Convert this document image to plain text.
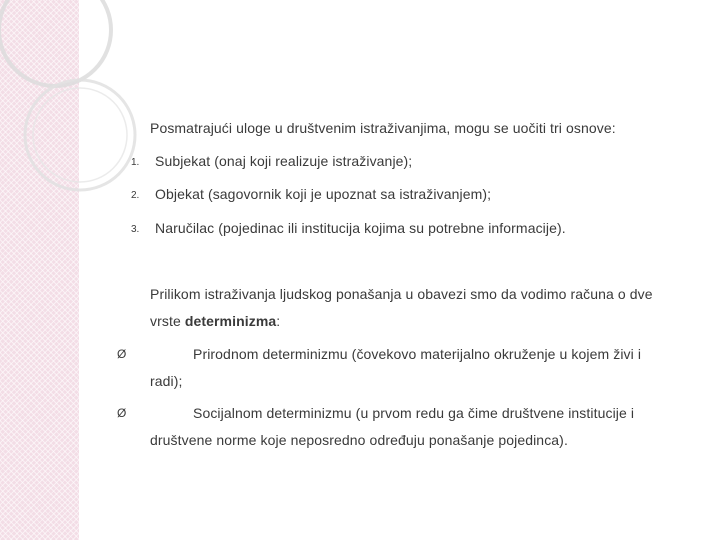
Posmatrajući uloge u društvenim istraživanjima, mogu se uočiti tri osnove:
1. Subjekat (onaj koji realizuje istraživanje);
2. Objekat (sagovornik koji je upoznat sa istraživanjem);
3. Naručilac (pojedinac ili institucija kojima su potrebne informacije).
Prilikom istraživanja ljudskog ponašanja u obavezi smo da vodimo računa o dve
vrste determinizma:
Ø	Prirodnom determinizmu (čovekovo materijalno okruženje u kojem živi i
radi);
Ø	Socijalnom determinizmu (u prvom redu ga čime društvene institucije i
društvene norme koje neposredno određuju ponašanje pojedinca).
